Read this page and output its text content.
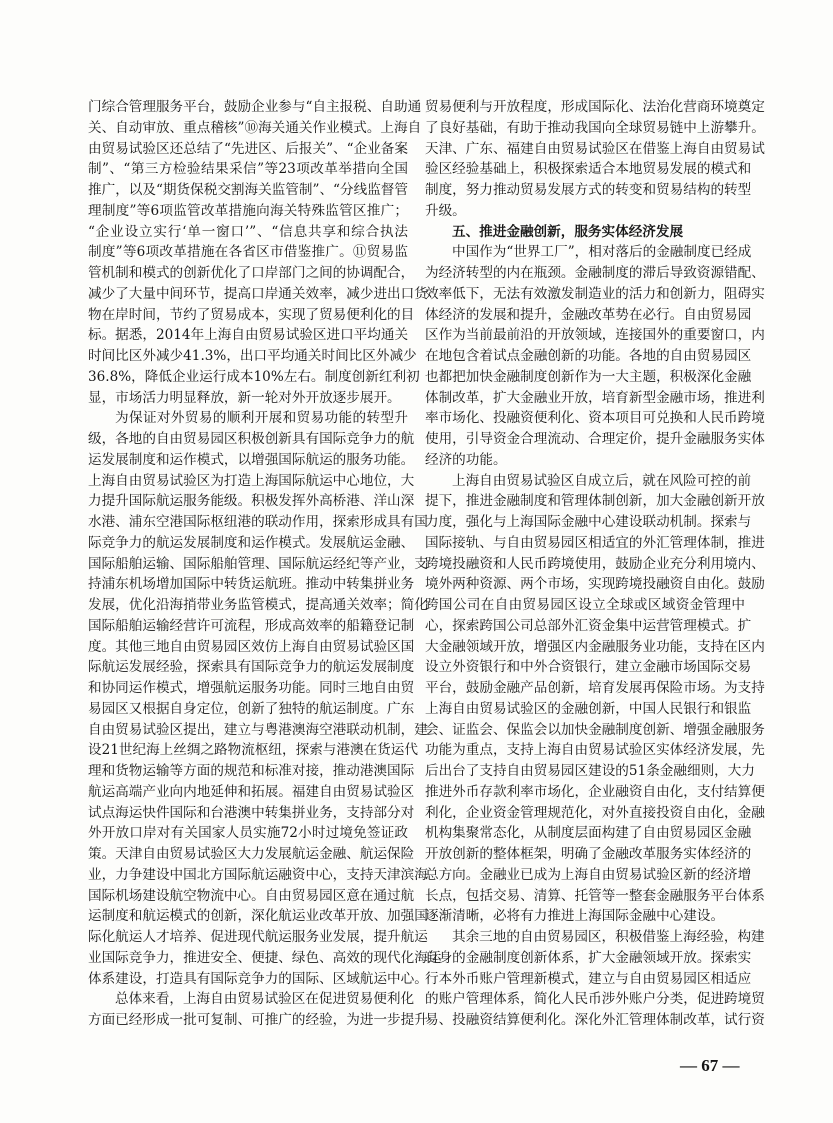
门综合管理服务平台，鼓励企业参与“自主报税、自助通
关、自动审放、重点稽核”⑩海关通关作业模式。上海自
由贸易试验区还总结了“先进区、后报关”、“企业备案
制”、“第三方检验结果采信”等23项改革举措向全国
推广，以及“期货保税交割海关监管制”、“分线监督管
理制度”等6项监管改革措施向海关特殊监管区推广；
“企业设立实行‘单一窗口’”、“信息共享和综合执法
制度”等6项改革措施在各省区市借鉴推广。⑪贸易监
管机制和模式的创新优化了口岸部门之间的协调配合，
减少了大量中间环节，提高口岸通关效率，减少进出口货
物在岸时间，节约了贸易成本，实现了贸易便利化的目
标。据悉，2014年上海自由贸易试验区进口平均通关
时间比区外减少41.3%，出口平均通关时间比区外减少
36.8%，降低企业运行成本10%左右。制度创新红利初
显，市场活力明显释放，新一轮对外开放逐步展开。
为保证对外贸易的顺利开展和贸易功能的转型升
级，各地的自由贸易园区积极创新具有国际竞争力的航
运发展制度和运作模式，以增强国际航运的服务功能。
上海自由贸易试验区为打造上海国际航运中心地位，大
力提升国际航运服务能级。积极发挥外高桥港、洋山深
水港、浦东空港国际枢纽港的联动作用，探索形成具有国
际竞争力的航运发展制度和运作模式。发展航运金融、
国际船舶运输、国际船舶管理、国际航运经纪等产业，支
持浦东机场增加国际中转货运航班。推动中转集拼业务
发展，优化沿海捎带业务监管模式，提高通关效率；简化
国际船舶运输经营许可流程，形成高效率的船籍登记制
度。其他三地自由贸易园区效仿上海自由贸易试验区国
际航运发展经验，探索具有国际竞争力的航运发展制度
和协同运作模式，增强航运服务功能。同时三地自由贸
易园区又根据自身定位，创新了独特的航运制度。广东
自由贸易试验区提出，建立与粤港澳海空港联动机制，建
设21世纪海上丝绸之路物流枢纽，探索与港澳在货运代
理和货物运输等方面的规范和标准对接，推动港澳国际
航运高端产业向内地延伸和拓展。福建自由贸易试验区
试点海运快件国际和台港澳中转集拼业务，支持部分对
外开放口岸对有关国家人员实施72小时过境免签证政
策。天津自由贸易试验区大力发展航运金融、航运保险
业，力争建设中国北方国际航运融资中心，支持天津滨海
国际机场建设航空物流中心。自由贸易园区意在通过航
运制度和航运模式的创新，深化航运业改革开放、加强国
际化航运人才培养、促进现代航运服务业发展，提升航运
业国际竞争力，推进安全、便捷、绿色、高效的现代化海运
体系建设，打造具有国际竞争力的国际、区域航运中心。
总体来看，上海自由贸易试验区在促进贸易便利化
方面已经形成一批可复制、可推广的经验，为进一步提升
贸易便利与开放程度，形成国际化、法治化营商环境奠定
了良好基础，有助于推动我国向全球贸易链中上游攀升。
天津、广东、福建自由贸易试验区在借鉴上海自由贸易试
验区经验基础上，积极探索适合本地贸易发展的模式和
制度，努力推动贸易发展方式的转变和贸易结构的转型
升级。
五、推进金融创新，服务实体经济发展
中国作为“世界工厂”，相对落后的金融制度已经成
为经济转型的内在瓶颈。金融制度的滞后导致资源错配、
效率低下，无法有效激发制造业的活力和创新力，阻碍实
体经济的发展和提升，金融改革势在必行。自由贸易园
区作为当前最前沿的开放领域，连接国外的重要窗口，内
在地包含着试点金融创新的功能。各地的自由贸易园区
也都把加快金融制度创新作为一大主题，积极深化金融
体制改革，扩大金融业开放，培育新型金融市场，推进利
率市场化、投融资便利化、资本项目可兑换和人民币跨境
使用，引导资金合理流动、合理定价，提升金融服务实体
经济的功能。
上海自由贸易试验区自成立后，就在风险可控的前
提下，推进金融制度和管理体制创新，加大金融创新开放
力度，强化与上海国际金融中心建设联动机制。探索与
国际接轨、与自由贸易园区相适宜的外汇管理体制，推进
跨境投融资和人民币跨境使用，鼓励企业充分利用境内、
境外两种资源、两个市场，实现跨境投融资自由化。鼓励
跨国公司在自由贸易园区设立全球或区域资金管理中
心，探索跨国公司总部外汇资金集中运营管理模式。扩
大金融领域开放，增强区内金融服务业功能，支持在区内
设立外资银行和中外合资银行，建立金融市场国际交易
平台，鼓励金融产品创新，培育发展再保险市场。为支持
上海自由贸易试验区的金融创新，中国人民银行和银监
会、证监会、保监会以加快金融制度创新、增强金融服务
功能为重点，支持上海自由贸易试验区实体经济发展，先
后出台了支持自由贸易园区建设的51条金融细则，大力
推进外币存款利率市场化，企业融资自由化，支付结算便
利化，企业资金管理规范化，对外直接投资自由化，金融
机构集聚常态化，从制度层面构建了自由贸易园区金融
开放创新的整体框架，明确了金融改革服务实体经济的
总方向。金融业已成为上海自由贸易试验区新的经济增
长点，包括交易、清算、托管等一整套金融服务平台体系
逐渐清晰，必将有力推进上海国际金融中心建设。
其余三地的自由贸易园区，积极借鉴上海经验，构建
自身的金融制度创新体系，扩大金融领域开放。探索实
行本外币账户管理新模式，建立与自由贸易园区相适应
的账户管理体系，简化人民币涉外账户分类，促进跨境贸
易、投融资结算便利化。深化外汇管理体制改革，试行资
— 67 —
